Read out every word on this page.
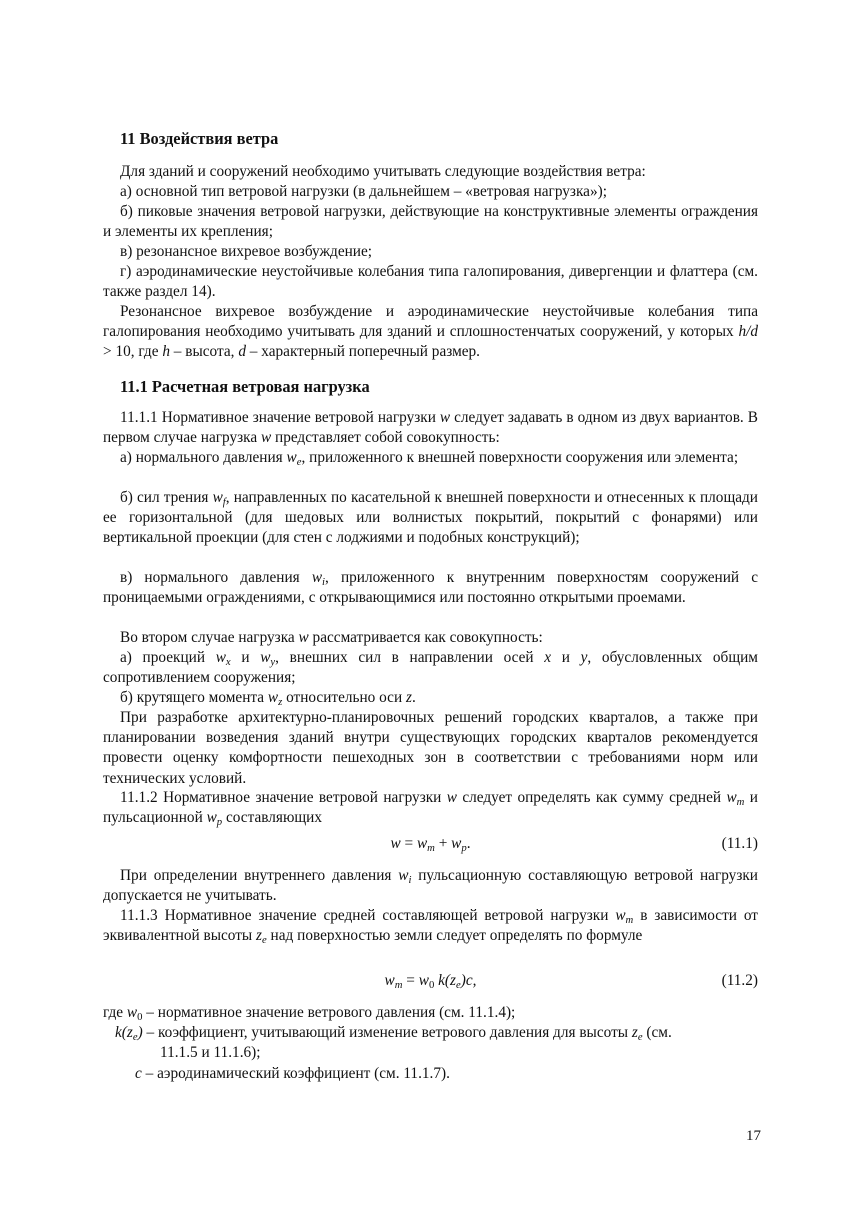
11 Воздействия ветра

Для зданий и сооружений необходимо учитывать следующие воздействия ветра:

а) основной тип ветровой нагрузки (в дальнейшем – «ветровая нагрузка»);

б) пиковые значения ветровой нагрузки, действующие на конструктивные элементы ограждения и элементы их крепления;

в) резонансное вихревое возбуждение;

г) аэродинамические неустойчивые колебания типа галопирования, дивергенции и флаттера (см. также раздел 14).

Резонансное вихревое возбуждение и аэродинамические неустойчивые колебания типа галопирования необходимо учитывать для зданий и сплошностенчатых сооружений, у которых h/d > 10, где h – высота, d – характерный поперечный размер.

11.1 Расчетная ветровая нагрузка

11.1.1 Нормативное значение ветровой нагрузки w следует задавать в одном из двух вариантов. В первом случае нагрузка w представляет собой совокупность:

а) нормального давления $w_e$, приложенного к внешней поверхности сооружения или элемента;

б) сил трения $w_f$, направленных по касательной к внешней поверхности и отнесенных к площади ее горизонтальной (для шедовых или волнистых покрытий, покрытий с фонарями) или вертикальной проекции (для стен с лоджиями и подобных конструкций);

в) нормального давления $w_i$, приложенного к внутренним поверхностям сооружений с проницаемыми ограждениями, с открывающимися или постоянно открытыми проемами.

Во втором случае нагрузка w рассматривается как совокупность:

а) проекций $w_x$ и $w_y$, внешних сил в направлении осей x и y, обусловленных общим сопротивлением сооружения;

б) крутящего момента $w_z$ относительно оси z.

При разработке архитектурно-планировочных решений городских кварталов, а также при планировании возведения зданий внутри существующих городских кварталов рекомендуется провести оценку комфортности пешеходных зон в соответствии с требованиями норм или технических условий.

11.1.2 Нормативное значение ветровой нагрузки w следует определять как сумму средней $w_m$ и пульсационной $w_p$ составляющих

$w = w_m + w_p$.	(11.1)

При определении внутреннего давления $w_i$ пульсационную составляющую ветровой нагрузки допускается не учитывать.

11.1.3 Нормативное значение средней составляющей ветровой нагрузки $w_m$ в зависимости от эквивалентной высоты $z_e$ над поверхностью земли следует определять по формуле

$w_m = w_0$ $k(z_e)c$,	(11.2)
где $w_0$ – нормативное значение ветрового давления (см. 11.1.4);
$k(z_e)$ – коэффициент, учитывающий изменение ветрового давления для высоты $z_e$ (см.
11.1.5 и 11.1.6);
c – аэродинамический коэффициент (см. 11.1.7).
17
